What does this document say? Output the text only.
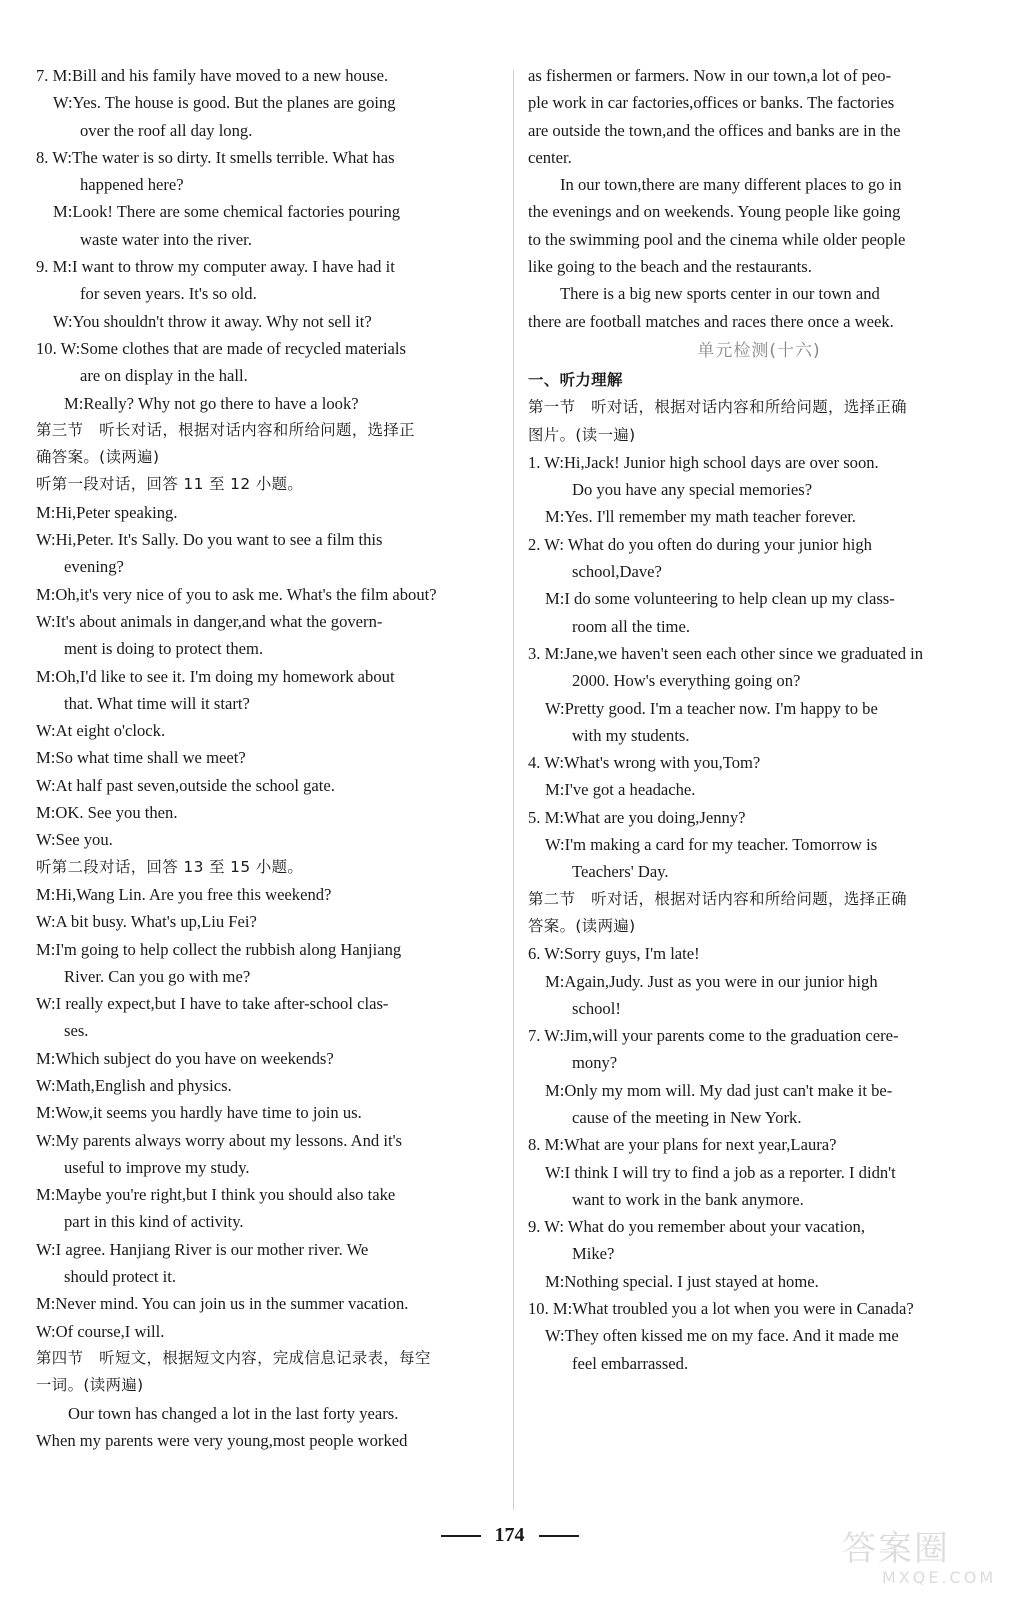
7. M:Bill and his family have moved to a new house.
W:Yes. The house is good. But the planes are going
over the roof all day long.
8. W:The water is so dirty. It smells terrible. What has
happened here?
M:Look! There are some chemical factories pouring
waste water into the river.
9. M:I want to throw my computer away. I have had it
for seven years. It's so old.
W:You shouldn't throw it away. Why not sell it?
10. W:Some clothes that are made of recycled materials
are on display in the hall.
M:Really? Why not go there to have a look?
第三节　听长对话，根据对话内容和所给问题，选择正
确答案。(读两遍)
听第一段对话，回答 11 至 12 小题。
M:Hi,Peter speaking.
W:Hi,Peter. It's Sally. Do you want to see a film this
evening?
M:Oh,it's very nice of you to ask me. What's the film about?
W:It's about animals in danger,and what the govern-
ment is doing to protect them.
M:Oh,I'd like to see it. I'm doing my homework about
that. What time will it start?
W:At eight o'clock.
M:So what time shall we meet?
W:At half past seven,outside the school gate.
M:OK. See you then.
W:See you.
听第二段对话，回答 13 至 15 小题。
M:Hi,Wang Lin. Are you free this weekend?
W:A bit busy. What's up,Liu Fei?
M:I'm going to help collect the rubbish along Hanjiang
River. Can you go with me?
W:I really expect,but I have to take after-school clas-
ses.
M:Which subject do you have on weekends?
W:Math,English and physics.
M:Wow,it seems you hardly have time to join us.
W:My parents always worry about my lessons. And it's
useful to improve my study.
M:Maybe you're right,but I think you should also take
part in this kind of activity.
W:I agree. Hanjiang River is our mother river. We
should protect it.
M:Never mind. You can join us in the summer vacation.
W:Of course,I will.
第四节　听短文，根据短文内容，完成信息记录表，每空
一词。(读两遍)
Our town has changed a lot in the last forty years.
When my parents were very young,most people worked
as fishermen or farmers. Now in our town,a lot of peo-
ple work in car factories,offices or banks. The factories
are outside the town,and the offices and banks are in the
center.
In our town,there are many different places to go in
the evenings and on weekends. Young people like going
to the swimming pool and the cinema while older people
like going to the beach and the restaurants.
There is a big new sports center in our town and
there are football matches and races there once a week.
单元检测(十六)
一、听力理解
第一节　听对话，根据对话内容和所给问题，选择正确
图片。(读一遍)
1. W:Hi,Jack! Junior high school days are over soon.
Do you have any special memories?
M:Yes. I'll remember my math teacher forever.
2. W: What do you often do during your junior high
school,Dave?
M:I do some volunteering to help clean up my class-
room all the time.
3. M:Jane,we haven't seen each other since we graduated in
2000. How's everything going on?
W:Pretty good. I'm a teacher now. I'm happy to be
with my students.
4. W:What's wrong with you,Tom?
M:I've got a headache.
5. M:What are you doing,Jenny?
W:I'm making a card for my teacher. Tomorrow is
Teachers' Day.
第二节　听对话，根据对话内容和所给问题，选择正确
答案。(读两遍)
6. W:Sorry guys, I'm late!
M:Again,Judy. Just as you were in our junior high
school!
7. W:Jim,will your parents come to the graduation cere-
mony?
M:Only my mom will. My dad just can't make it be-
cause of the meeting in New York.
8. M:What are your plans for next year,Laura?
W:I think I will try to find a job as a reporter. I didn't
want to work in the bank anymore.
9. W: What do you remember about your vacation,
Mike?
M:Nothing special. I just stayed at home.
10. M:What troubled you a lot when you were in Canada?
W:They often kissed me on my face. And it made me
feel embarrassed.
174	答案圈
MXQE.COM
